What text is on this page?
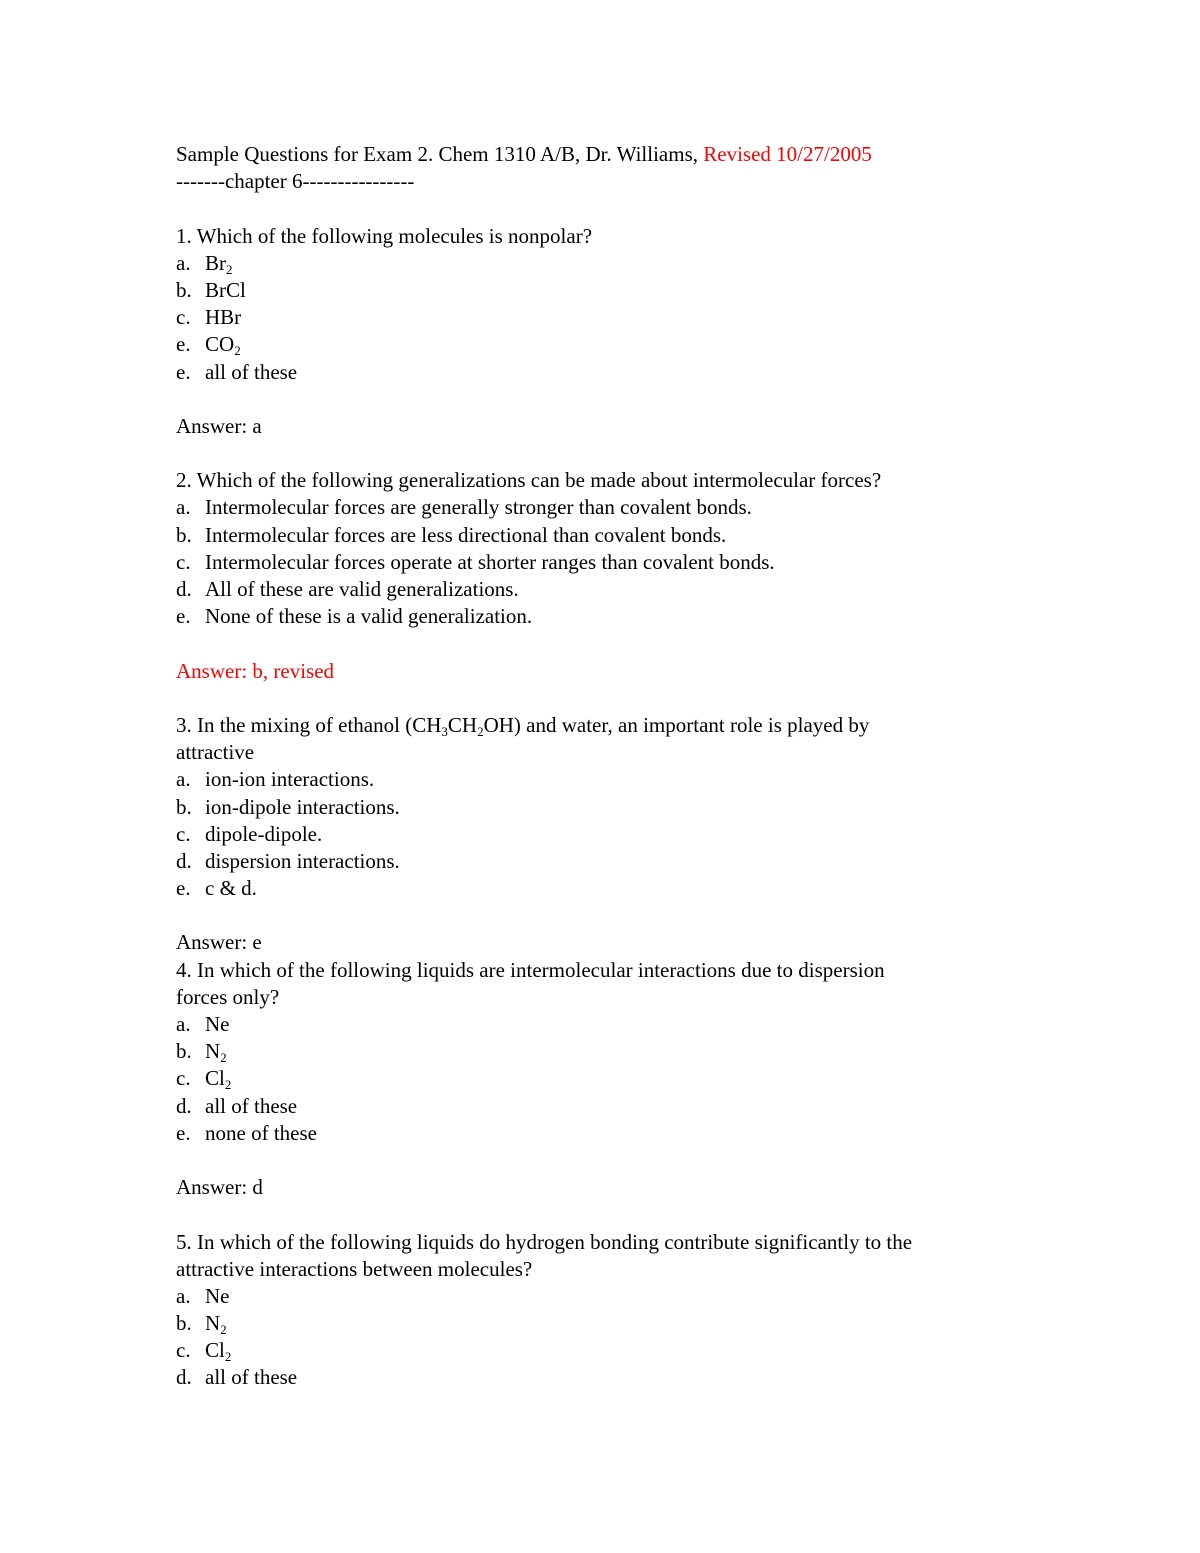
Sample Questions for Exam 2. Chem 1310 A/B, Dr. Williams, Revised 10/27/2005
-------chapter 6----------------
1. Which of the following molecules is nonpolar?
a. $Br_2$
b. BrCl
c. HBr
e. $CO_2$
e. all of these
Answer: a
2. Which of the following generalizations can be made about intermolecular forces?
a. Intermolecular forces are generally stronger than covalent bonds.
b. Intermolecular forces are less directional than covalent bonds.
c. Intermolecular forces operate at shorter ranges than covalent bonds.
d. All of these are valid generalizations.
e. None of these is a valid generalization.
Answer: b, revised
3. In the mixing of ethanol $(CH_3CH_2OH)$ and water, an important role is played by
attractive
a. ion-ion interactions.
b. ion-dipole interactions.
c. dipole-dipole.
d. dispersion interactions.
e. c & d.
Answer: e
4. In which of the following liquids are intermolecular interactions due to dispersion
forces only?
a. Ne
b. $N_2$
c. $Cl_2$
d. all of these
e. none of these
Answer: d
5. In which of the following liquids do hydrogen bonding contribute significantly to the
attractive interactions between molecules?
a. Ne
b. $N_2$
c. $Cl_2$
d. all of these
